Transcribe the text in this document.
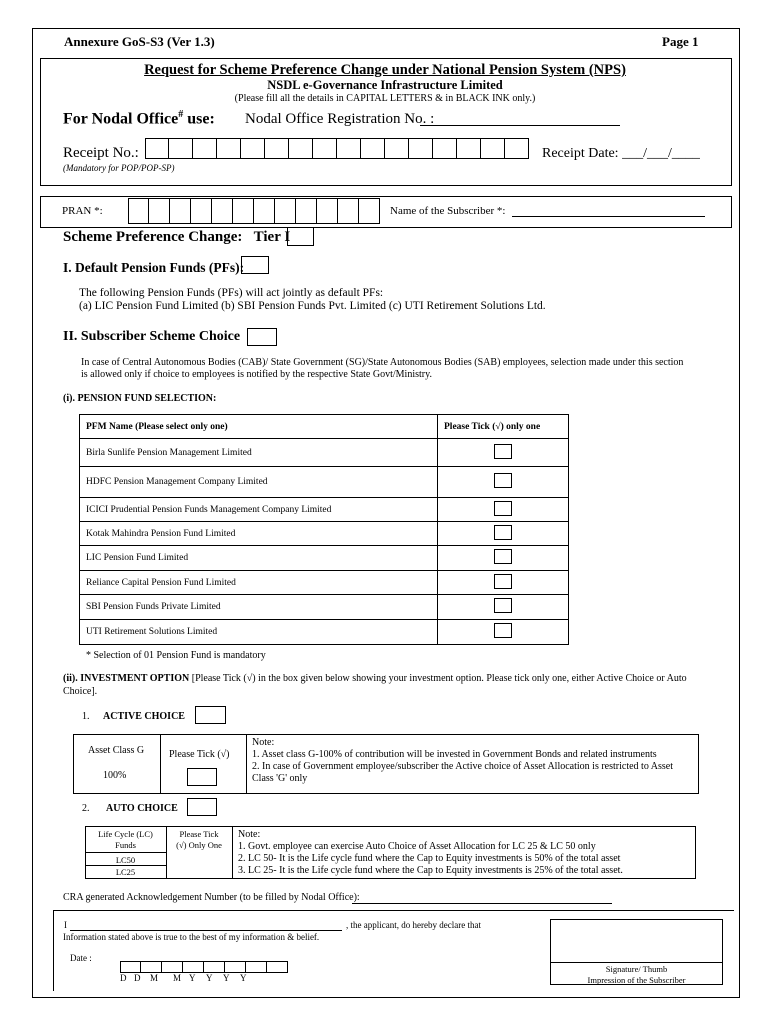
Annexure GoS-S3 (Ver 1.3)	Page 1
Request for Scheme Preference Change under National Pension System (NPS)
NSDL e-Governance Infrastructure Limited
(Please fill all the details in CAPITAL LETTERS & in BLACK INK only.)
For Nodal Office# use: Nodal Office Registration No. :
Receipt No.:
(Mandatory for POP/POP-SP)
Receipt Date: ___/___/____
PRAN *:	Name of the Subscriber *:
Scheme Preference Change: Tier I
I. Default Pension Funds (PFs):
The following Pension Funds (PFs) will act jointly as default PFs:
(a) LIC Pension Fund Limited (b) SBI Pension Funds Pvt. Limited (c) UTI Retirement Solutions Ltd.
II. Subscriber Scheme Choice
In case of Central Autonomous Bodies (CAB)/ State Government (SG)/State Autonomous Bodies (SAB) employees, selection made under this section
is allowed only if choice to employees is notified by the respective State Govt/Ministry.
(i). PENSION FUND SELECTION:
PFM Name (Please select only one)	Please Tick (√) only one
Birla Sunlife Pension Management Limited	
HDFC Pension Management Company Limited	
ICICI Prudential Pension Funds Management Company Limited	
Kotak Mahindra Pension Fund Limited	
LIC Pension Fund Limited	
Reliance Capital Pension Fund Limited	
SBI Pension Funds Private Limited	
UTI Retirement Solutions Limited	
* Selection of 01 Pension Fund is mandatory
(ii). INVESTMENT OPTION [Please Tick (√) in the box given below showing your investment option. Please tick only one, either Active Choice or Auto
Choice].
1. ACTIVE CHOICE
Asset Class G
100%
Please Tick (√)
Note:
1. Asset class G-100% of contribution will be invested in Government Bonds and related instruments
2. In case of Government employee/subscriber the Active choice of Asset Allocation is restricted to Asset
Class 'G' only
2. AUTO CHOICE
Life Cycle (LC)
Funds
Please Tick
(√) Only One
LC50
LC25
Note:
1. Govt. employee can exercise Auto Choice of Asset Allocation for LC 25 & LC 50 only
2. LC 50- It is the Life cycle fund where the Cap to Equity investments is 50% of the total asset
3. LC 25- It is the Life cycle fund where the Cap to Equity investments is 25% of the total asset.
CRA generated Acknowledgement Number (to be filled by Nodal Office):
I	, the applicant, do hereby declare that
Information stated above is true to the best of my information & belief.
Date :
D D	M	M Y	Y	Y	Y
Signature/ Thumb
Impression of the Subscriber
